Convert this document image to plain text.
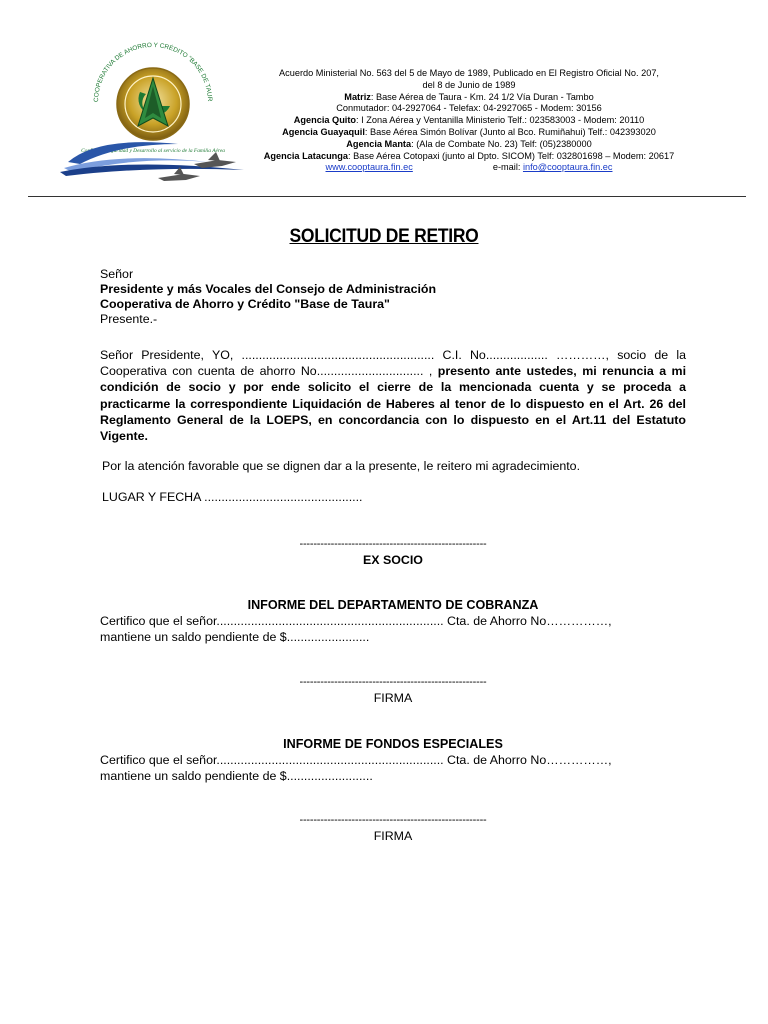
COOPERATIVA DE AHORRO Y CRÉDITO "BASE DE TAUR
Confianza, Seguridad y Desarrollo al servicio de la Familia Aérea
Acuerdo Ministerial No. 563 del 5 de Mayo de 1989, Publicado en El Registro Oficial No. 207,
del 8 de Junio de 1989
Matriz: Base Aérea de Taura - Km. 24 1/2 Vía Duran - Tambo
Conmutador: 04-2927064 - Telefax: 04-2927065 - Modem: 30156
Agencia Quito: I Zona Aérea y Ventanilla Ministerio Telf.: 023583003 - Modem: 20110
Agencia Guayaquil: Base Aérea Simón Bolívar (Junto al Bco. Rumiñahui) Telf.: 042393020
Agencia Manta: (Ala de Combate No. 23) Telf: (05)2380000
Agencia Latacunga: Base Aérea Cotopaxi (junto al Dpto. SICOM) Telf: 032801698 – Modem: 20617
www.cooptaura.fin.ec	e-mail: info@cooptaura.fin.ec
SOLICITUD DE RETIRO
Señor
Presidente y más Vocales del Consejo de Administración
Cooperativa de Ahorro y Crédito "Base de Taura"
Presente.-
Señor Presidente, YO, ........................................................ C.I. No.................. …………, socio de la Cooperativa con cuenta de ahorro No............................... , presento ante ustedes, mi renuncia a mi condición de socio y por ende solicito el cierre de la mencionada cuenta y se proceda a practicarme la correspondiente Liquidación de Haberes al tenor de lo dispuesto en el Art. 26 del Reglamento General de la LOEPS, en concordancia con lo dispuesto en el Art.11 del Estatuto Vigente.
Por la atención favorable que se dignen dar a la presente, le reitero mi agradecimiento.
LUGAR Y FECHA ..............................................
------------------------------------------------------
EX SOCIO
INFORME DEL DEPARTAMENTO DE COBRANZA
Certifico que el señor.................................................................. Cta. de Ahorro No……………,
mantiene un saldo pendiente de $........................
------------------------------------------------------
FIRMA
INFORME DE FONDOS ESPECIALES
Certifico que el señor.................................................................. Cta. de Ahorro No……………,
mantiene un saldo pendiente de $.........................
------------------------------------------------------
FIRMA
